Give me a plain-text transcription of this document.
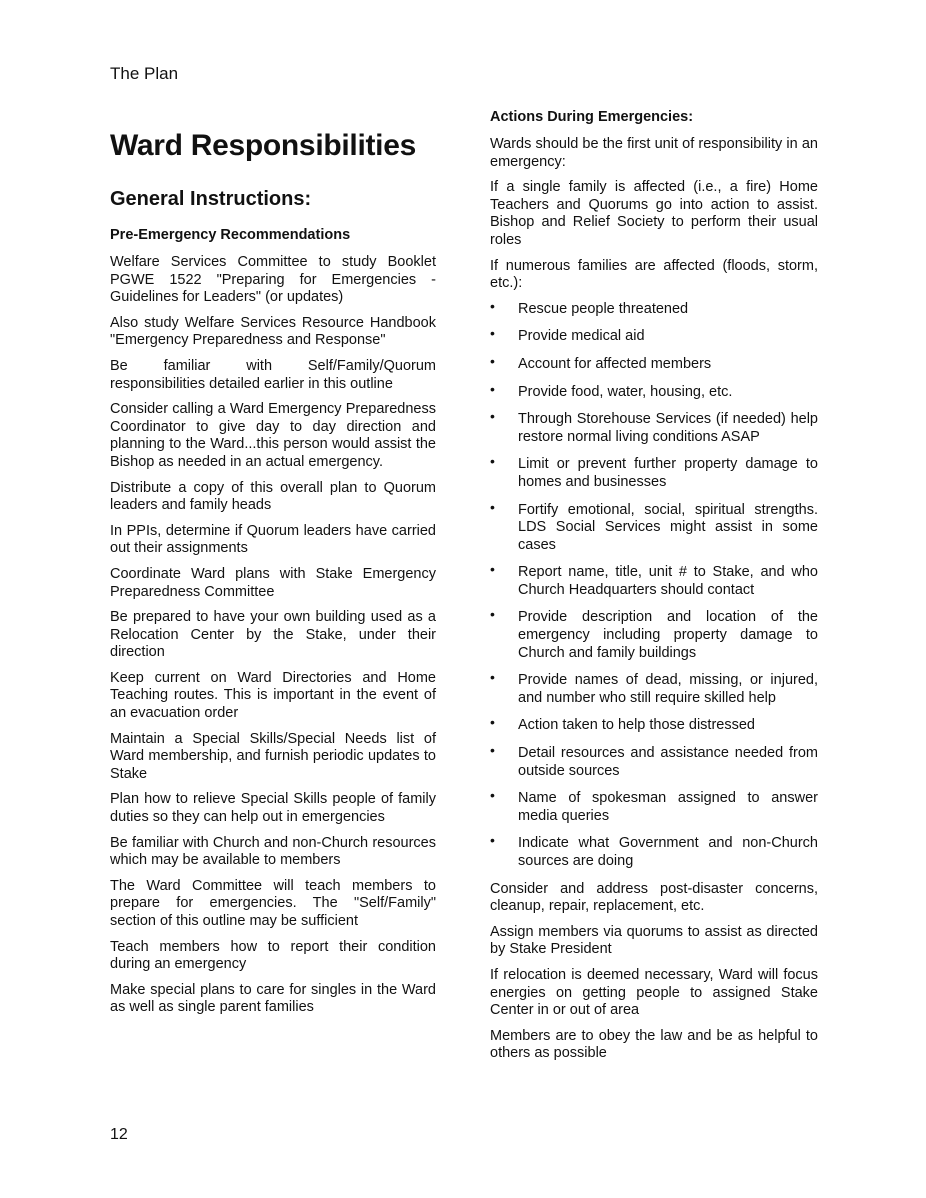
The Plan
Ward Responsibilities
General Instructions:
Pre-Emergency Recommendations

Welfare Services Committee to study Booklet PGWE 1522 "Preparing for Emergencies - Guidelines for Leaders" (or updates)

Also study Welfare Services Resource Handbook "Emergency Preparedness and Response"

Be familiar with Self/Family/Quorum responsibilities detailed earlier in this outline

Consider calling a Ward Emergency Preparedness Coordinator to give day to day direction and planning to the Ward...this person would assist the Bishop as needed in an actual emergency.

Distribute a copy of this overall plan to Quorum leaders and family heads

In PPIs, determine if Quorum leaders have carried out their assignments

Coordinate Ward plans with Stake Emergency Preparedness Committee

Be prepared to have your own building used as a Relocation Center by the Stake, under their direction

Keep current on Ward Directories and Home Teaching routes. This is important in the event of an evacuation order

Maintain a Special Skills/Special Needs list of Ward membership, and furnish periodic updates to Stake

Plan how to relieve Special Skills people of family duties so they can help out in emergencies

Be familiar with Church and non-Church resources which may be available to members

The Ward Committee will teach members to prepare for emergencies. The "Self/Family" section of this outline may be sufficient

Teach members how to report their condition during an emergency

Make special plans to care for singles in the Ward as well as single parent families

Actions During Emergencies:

Wards should be the first unit of responsibility in an emergency:

If a single family is affected (i.e., a fire) Home Teachers and Quorums go into action to assist. Bishop and Relief Society to perform their usual roles

If numerous families are affected (floods, storm, etc.):

• Rescue people threatened
• Provide medical aid
• Account for affected members
• Provide food, water, housing, etc.
• Through Storehouse Services (if needed) help restore normal living conditions ASAP
• Limit or prevent further property damage to homes and businesses
• Fortify emotional, social, spiritual strengths. LDS Social Services might assist in some cases
• Report name, title, unit # to Stake, and who Church Headquarters should contact
• Provide description and location of the emergency including property damage to Church and family buildings
• Provide names of dead, missing, or injured, and number who still require skilled help
• Action taken to help those distressed
• Detail resources and assistance needed from outside sources
• Name of spokesman assigned to answer media queries
• Indicate what Government and non-Church sources are doing

Consider and address post-disaster concerns, cleanup, repair, replacement, etc.

Assign members via quorums to assist as directed by Stake President

If relocation is deemed necessary, Ward will focus energies on getting people to assigned Stake Center in or out of area

Members are to obey the law and be as helpful to others as possible

12
